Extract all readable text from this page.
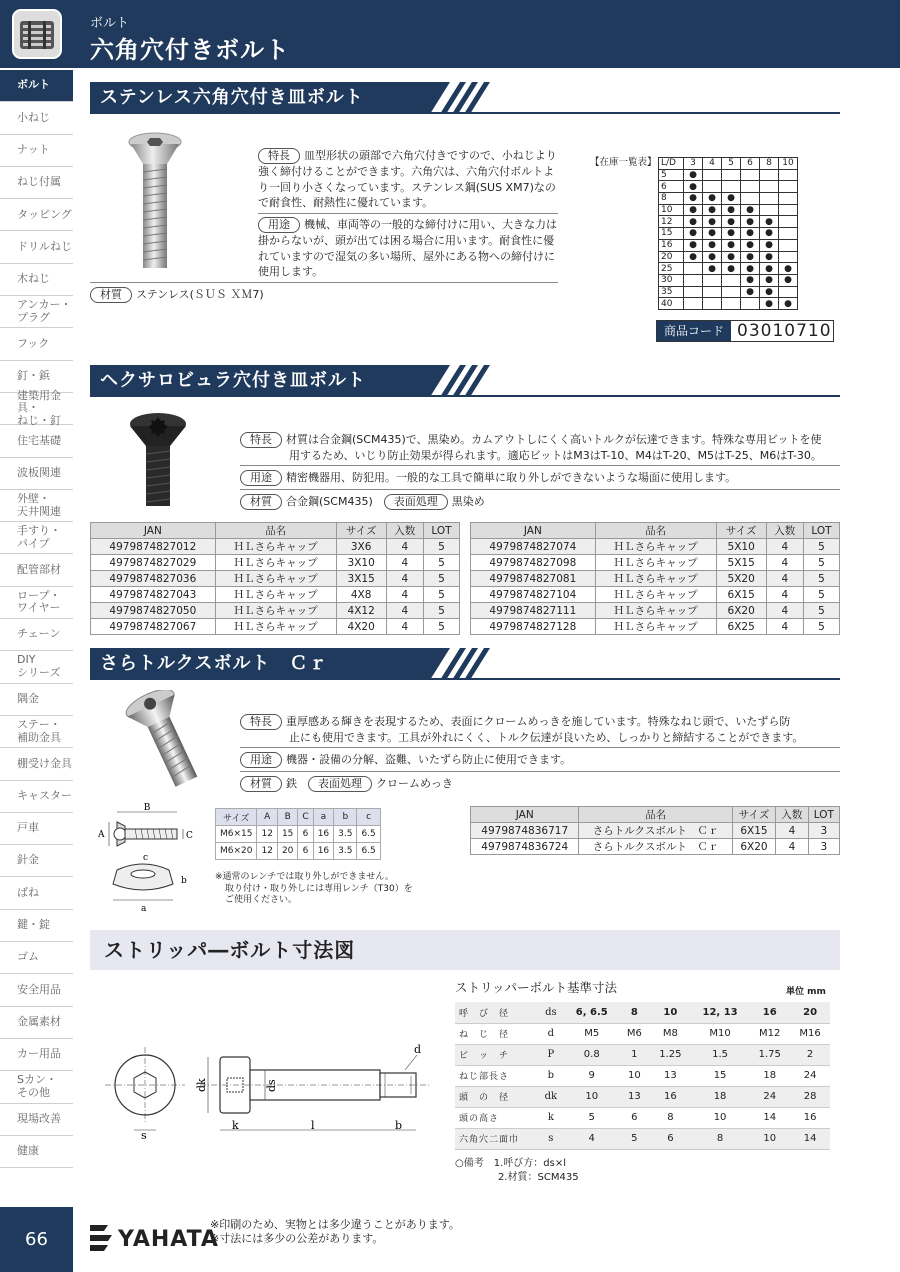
ボルト
六角穴付きボルト
ボルト
小ねじ
ナット
ねじ付属
タッピング
ドリルねじ
木ねじ
アンカー・
プラグ
フック
釘・鋲
建築用金具・
ねじ・釘
住宅基礎
波板関連
外壁・
天井関連
手すり・
パイプ
配管部材
ロープ・
ワイヤー
チェーン
DIY
シリーズ
隅金
ステー・
補助金具
棚受け金具
キャスター
戸車
針金
ばね
鍵・錠
ゴム
安全用品
金属素材
カー用品
Sカン・
その他
現場改善
健康
66
ステンレス六角穴付き皿ボルト
特長 皿型形状の頭部で六角穴付きですので、小ねじより強く締付けることができます。六角穴は、六角穴付ボルトより一回り小さくなっています。ステンレス鋼(SUS XM7)なので耐食性、耐熱性に優れています。
用途 機械、車両等の一般的な締付けに用い、大きな力は掛からないが、頭が出ては困る場合に用います。耐食性に優れていますので湿気の多い場所、屋外にある物への締付けに使用します。
材質 ステンレス(ＳＵＳ ＸＭ7)
【在庫一覧表】 L/D	3	4	5	6	8	10
5	●					
6	●					
8	●	●	●			
10	●	●	●	●		
12	●	●	●	●	●	
15	●	●	●	●	●	
16	●	●	●	●	●	
20	●	●	●	●	●	
25		●	●	●	●	●
30				●	●	●
35				●	●	
40					●	●
商品コード 03010710
ヘクサロビュラ穴付き皿ボルト
特長 材質は合金鋼(SCM435)で、黒染め。カムアウトしにくく高いトルクが伝達できます。特殊な専用ビットを使
用するため、いじり防止効果が得られます。適応ビットはM3はT-10、M4はT-20、M5はT-25、M6はT-30。
用途 精密機器用、防犯用。一般的な工具で簡単に取り外しができないような場面に使用します。
材質 合金鋼(SCM435)　 表面処理 黒染め
JAN	品名	サイズ	入数	LOT
4979874827012	ＨＬさらキャップ	3X6	4	5
4979874827029	ＨＬさらキャップ	3X10	4	5
4979874827036	ＨＬさらキャップ	3X15	4	5
4979874827043	ＨＬさらキャップ	4X8	4	5
4979874827050	ＨＬさらキャップ	4X12	4	5
4979874827067	ＨＬさらキャップ	4X20	4	5
JAN	品名	サイズ	入数	LOT
4979874827074	ＨＬさらキャップ	5X10	4	5
4979874827098	ＨＬさらキャップ	5X15	4	5
4979874827081	ＨＬさらキャップ	5X20	4	5
4979874827104	ＨＬさらキャップ	6X15	4	5
4979874827111	ＨＬさらキャップ	6X20	4	5
4979874827128	ＨＬさらキャップ	6X25	4	5
さらトルクスボルト　Ｃｒ
特長 重厚感ある輝きを表現するため、表面にクロームめっきを施しています。特殊なねじ頭で、いたずら防
止にも使用できます。工具が外れにくく、トルク伝達が良いため、しっかりと締結することができます。
用途 機器・設備の分解、盗難、いたずら防止に使用できます。
材質 鉄　 表面処理 クロームめっき
B
A	C
c
b
a
サイズ	A	B	C	a	b	c
M6×15	12	15	6	16	3.5	6.5
M6×20	12	20	6	16	3.5	6.5
※通常のレンチでは取り外しができません。
取り付け・取り外しには専用レンチ（T30）を
ご使用ください。
JAN	品名	サイズ	入数	LOT
4979874836717	さらトルクスボルト　Ｃｒ	6X15	4	3
4979874836724	さらトルクスボルト　Ｃｒ	6X20	4	3
ストリッパ―ボルト寸法図
s
dk	ds
d
k	l	b
ストリッパーボルト基準寸法	単位 mm
呼　び　径	ds	6, 6.5	8	10	12, 13	16	20
ね　じ　径	d	M5	M6	M8	M10	M12	M16
ピ　ッ　チ	P	0.8	1	1.25	1.5	1.75	2
ねじ部長さ	b	9	10	13	15	18	24
頭　の　径	dk	10	13	16	18	24	28
頭の高さ	k	5	6	8	10	14	16
六角穴二面巾	s	4	5	6	8	10	14
○備考　 1.呼び方：ds×l
2.材質：SCM435
YAHATA
※印刷のため、実物とは多少違うことがあります。
※寸法には多少の公差があります。
